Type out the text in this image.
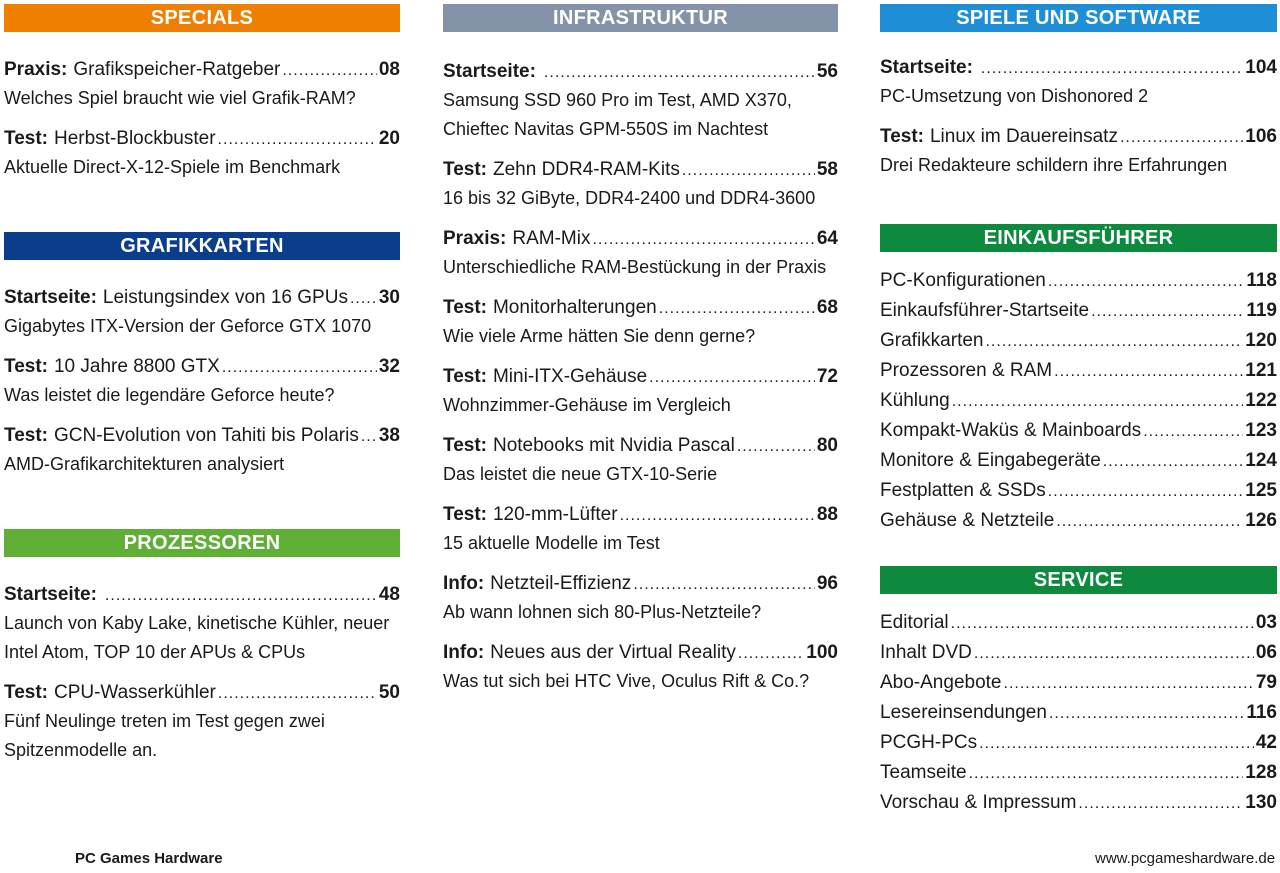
SPECIALS
Praxis: Grafikspeicher-Ratgeber .....	08
Welches Spiel braucht wie viel Grafik-RAM?
Test: Herbst-Blockbuster .....	20
Aktuelle Direct-X-12-Spiele im Benchmark
GRAFIKKARTEN
Startseite: Leistungsindex von 16 GPUs ..... 30
Gigabytes ITX-Version der Geforce GTX 1070
Test: 10 Jahre 8800 GTX .....	32
Was leistet die legendäre Geforce heute?
Test: GCN-Evolution von Tahiti bis Polaris ..... 38
AMD-Grafikarchitekturen analysiert
PROZESSOREN
Startseite: .....	48
Launch von Kaby Lake, kinetische Kühler, neuer
Intel Atom, TOP 10 der APUs & CPUs
Test: CPU-Wasserkühler .....	50
Fünf Neulinge treten im Test gegen zwei
Spitzenmodelle an.
INFRASTRUKTUR
Startseite: .....	56
Samsung SSD 960 Pro im Test, AMD X370,
Chieftec Navitas GPM-550S im Nachtest
Test: Zehn DDR4-RAM-Kits .....	58
16 bis 32 GiByte, DDR4-2400 und DDR4-3600
Praxis: RAM-Mix .....	64
Unterschiedliche RAM-Bestückung in der Praxis
Test: Monitorhalterungen .....	68
Wie viele Arme hätten Sie denn gerne?
Test: Mini-ITX-Gehäuse .....	72
Wohnzimmer-Gehäuse im Vergleich
Test: Notebooks mit Nvidia Pascal .....	80
Das leistet die neue GTX-10-Serie
Test: 120-mm-Lüfter .....	88
15 aktuelle Modelle im Test
Info: Netzteil-Effizienz .....	96
Ab wann lohnen sich 80-Plus-Netzteile?
Info: Neues aus der Virtual Reality .....	100
Was tut sich bei HTC Vive, Oculus Rift & Co.?
SPIELE UND SOFTWARE
Startseite: .....	104
PC-Umsetzung von Dishonored 2
Test: Linux im Dauereinsatz .....	106
Drei Redakteure schildern ihre Erfahrungen
EINKAUFSFÜHRER
PC-Konfigurationen .....	118
Einkaufsführer-Startseite .....	119
Grafikkarten .....	120
Prozessoren & RAM .....	121
Kühlung .....	122
Kompakt-Waküs & Mainboards .....	123
Monitore & Eingabegeräte .....	124
Festplatten & SSDs .....	125
Gehäuse & Netzteile .....	126
SERVICE
Editorial .....	03
Inhalt DVD .....	06
Abo-Angebote .....	79
Lesereinsendungen .....	116
PCGH-PCs .....	42
Teamseite .....	128
Vorschau & Impressum .....	130
PC Games Hardware	www.pcgameshardware.de
